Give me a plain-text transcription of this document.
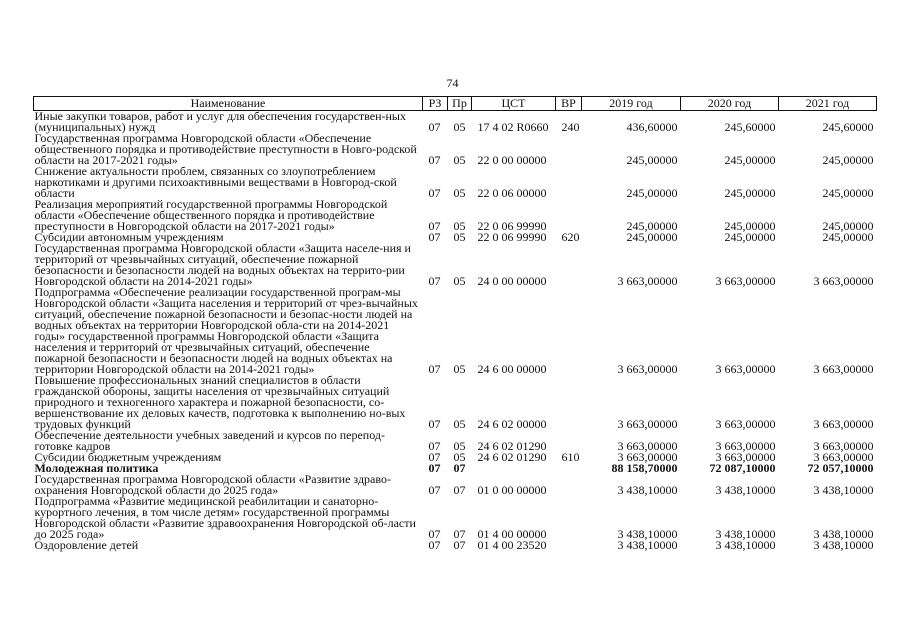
74
Наименование	РЗ	Пр	ЦСТ	ВР	2019 год	2020 год	2021 год
Иные закупки товаров, работ и услуг для обеспечения государствен-ных (муниципальных) нужд	07	05	17 4 02 R0660	240	436,60000	245,60000	245,60000
Государственная программа Новгородской области «Обеспечение общественного порядка и противодействие преступности в Новго-родской области на 2017-2021 годы»	07	05	22 0 00 00000		245,00000	245,00000	245,00000
Снижение актуальности проблем, связанных со злоупотреблением наркотиками и другими психоактивными веществами в Новгород-ской области	07	05	22 0 06 00000		245,00000	245,00000	245,00000
Реализация мероприятий государственной программы Новгородской области «Обеспечение общественного порядка и противодействие преступности в Новгородской области на 2017-2021 годы»	07	05	22 0 06 99990		245,00000	245,00000	245,00000
Субсидии автономным учреждениям	07	05	22 0 06 99990	620	245,00000	245,00000	245,00000
Государственная программа Новгородской области «Защита населе-ния и территорий от чрезвычайных ситуаций, обеспечение пожарной безопасности и безопасности людей на водных объектах на террито-рии Новгородской области на 2014-2021 годы»	07	05	24 0 00 00000		3 663,00000	3 663,00000	3 663,00000
Подпрограмма «Обеспечение реализации государственной програм-мы Новгородской области «Защита населения и территорий от чрез-вычайных ситуаций, обеспечение пожарной безопасности и безопас-ности людей на водных объектах на территории Новгородской обла-сти на 2014-2021 годы» государственной программы Новгородской области «Защита населения и территорий от чрезвычайных ситуаций, обеспечение пожарной безопасности и безопасности людей на водных объектах на территории Новгородской области на 2014-2021 годы»	07	05	24 6 00 00000		3 663,00000	3 663,00000	3 663,00000
Повышение профессиональных знаний специалистов в области гражданской обороны, защиты населения от чрезвычайных ситуаций природного и техногенного характера и пожарной безопасности, со-вершенствование их деловых качеств, подготовка к выполнению но-вых трудовых функций	07	05	24 6 02 00000		3 663,00000	3 663,00000	3 663,00000
Обеспечение деятельности учебных заведений и курсов по перепод-готовке кадров	07	05	24 6 02 01290		3 663,00000	3 663,00000	3 663,00000
Субсидии бюджетным учреждениям	07	05	24 6 02 01290	610	3 663,00000	3 663,00000	3 663,00000
Молодежная политика	07	07			88 158,70000	72 087,10000	72 057,10000
Государственная программа Новгородской области «Развитие здраво-охранения Новгородской области до 2025 года»	07	07	01 0 00 00000		3 438,10000	3 438,10000	3 438,10000
Подпрограмма «Развитие медицинской реабилитации и санаторно-курортного лечения, в том числе детям» государственной программы Новгородской области «Развитие здравоохранения Новгородской об-ласти до 2025 года»	07	07	01 4 00 00000		3 438,10000	3 438,10000	3 438,10000
Оздоровление детей	07	07	01 4 00 23520		3 438,10000	3 438,10000	3 438,10000
